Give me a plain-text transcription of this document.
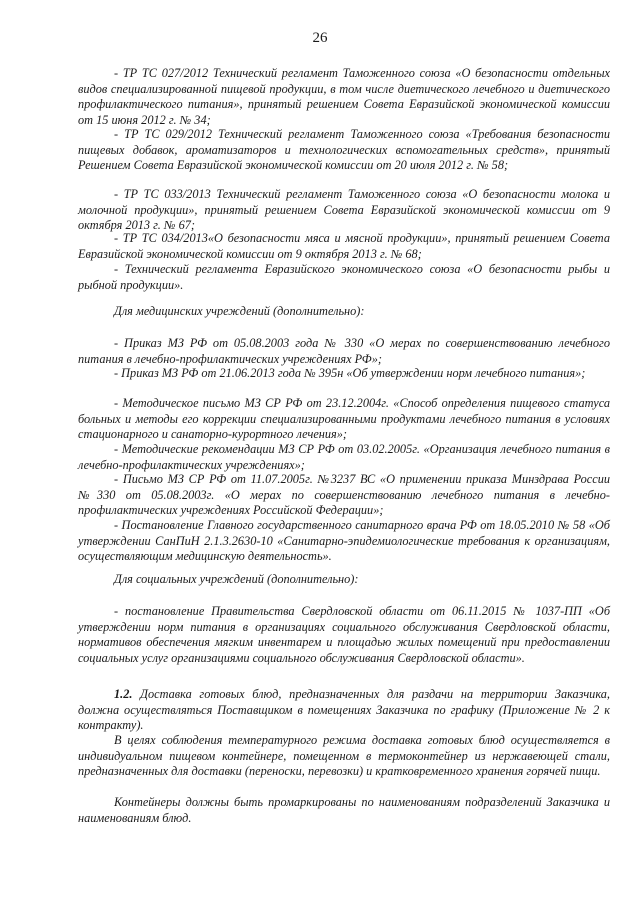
26

- ТР ТС 027/2012 Технический регламент Таможенного союза «О безопасности отдельных видов специализированной пищевой продукции, в том числе диетического лечебного и диетического профилактического питания», принятый решением Совета Евразийской экономической комиссии от 15 июня 2012 г. № 34;

- ТР ТС 029/2012 Технический регламент Таможенного союза «Требования безопасности пищевых добавок, ароматизаторов и технологических вспомогательных средств», принятый Решением Совета Евразийской экономической комиссии от 20 июля 2012 г. № 58;

- ТР ТС 033/2013 Технический регламент Таможенного союза «О безопасности молока и молочной продукции», принятый решением Совета Евразийской экономической комиссии от 9 октября 2013 г. № 67;

- ТР ТС 034/2013«О безопасности мяса и мясной продукции», принятый решением Совета Евразийской экономической комиссии от 9 октября 2013 г. № 68;

- Технический регламента Евразийского экономического союза «О безопасности рыбы и рыбной продукции».

Для медицинских учреждений (дополнительно):

- Приказ МЗ РФ от 05.08.2003 года № 330 «О мерах по совершенствованию лечебного питания в лечебно-профилактических учреждениях РФ»;

- Приказ МЗ РФ от 21.06.2013 года № 395н «Об утверждении норм лечебного питания»;

- Методическое письмо МЗ СР РФ от 23.12.2004г. «Способ определения пищевого статуса больных и методы его коррекции специализированными продуктами лечебного питания в условиях стационарного и санаторно-курортного лечения»;

- Методические рекомендации МЗ СР РФ от 03.02.2005г. «Организация лечебного питания в лечебно-профилактических учреждениях»;

- Письмо МЗ СР РФ от 11.07.2005г. №3237 ВС «О применении приказа Минздрава России №330 от 05.08.2003г. «О мерах по совершенствованию лечебного питания в лечебно-профилактических учреждениях Российской Федерации»;

- Постановление Главного государственного санитарного врача РФ от 18.05.2010 № 58 «Об утверждении СанПиН 2.1.3.2630-10 «Санитарно-эпидемиологические требования к организациям, осуществляющим медицинскую деятельность».

Для социальных учреждений (дополнительно):

- постановление Правительства Свердловской области от 06.11.2015 № 1037-ПП «Об утверждении норм питания в организациях социального обслуживания Свердловской области, нормативов обеспечения мягким инвентарем и площадью жилых помещений при предоставлении социальных услуг организациями социального обслуживания Свердловской области».

1.2. Доставка готовых блюд, предназначенных для раздачи на территории Заказчика, должна осуществляться Поставщиком в помещениях Заказчика по графику (Приложение № 2 к контракту).

В целях соблюдения температурного режима доставка готовых блюд осуществляется в индивидуальном пищевом контейнере, помещенном в термоконтейнер из нержавеющей стали, предназначенных для доставки (переноски, перевозки) и кратковременного хранения горячей пищи.

Контейнеры должны быть промаркированы по наименованиям подразделений Заказчика и наименованиям блюд.
